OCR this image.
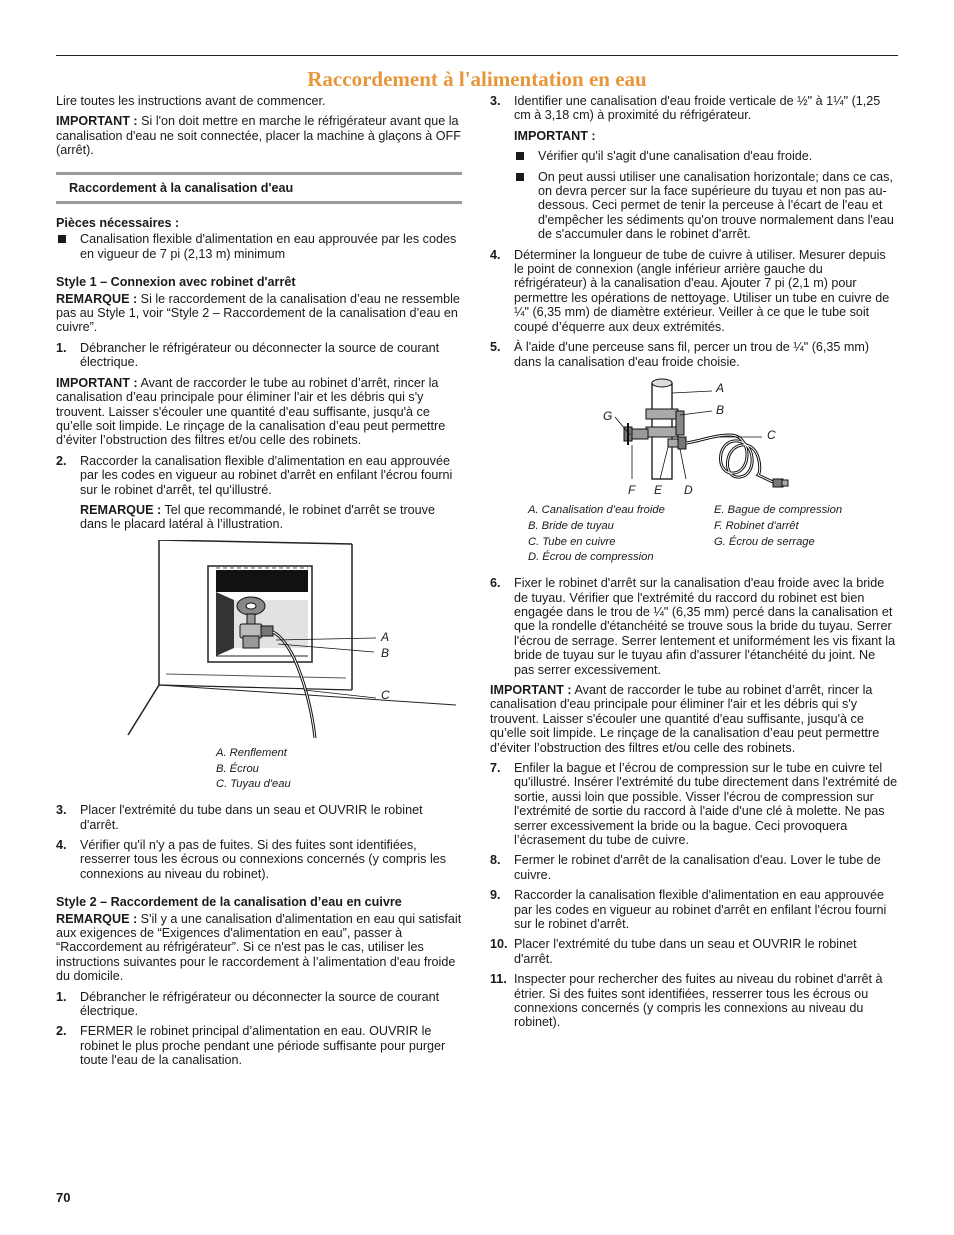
Raccordement à l'alimentation en eau

Lire toutes les instructions avant de commencer.

IMPORTANT : Si l'on doit mettre en marche le réfrigérateur avant que la canalisation d'eau ne soit connectée, placer la machine à glaçons à OFF (arrêt).

Raccordement à la canalisation d'eau
Pièces nécessaires :
Canalisation flexible d'alimentation en eau approuvée par les codes en vigueur de 7 pi (2,13 m) minimum
Style 1 – Connexion avec robinet d'arrêt

REMARQUE : Si le raccordement de la canalisation d’eau ne ressemble pas au Style 1, voir “Style 2 – Raccordement de la canalisation d’eau en cuivre”.

1. Débrancher le réfrigérateur ou déconnecter la source de courant électrique.

IMPORTANT : Avant de raccorder le tube au robinet d’arrêt, rincer la canalisation d’eau principale pour éliminer l'air et les débris qui s'y trouvent. Laisser s'écouler une quantité d'eau suffisante, jusqu'à ce qu’elle soit limpide. Le rinçage de la canalisation d’eau peut permettre d’éviter l’obstruction des filtres et/ou celle des robinets.

2. Raccorder la canalisation flexible d'alimentation en eau approuvée par les codes en vigueur au robinet d'arrêt en enfilant l'écrou fourni sur le robinet d'arrêt, tel qu'illustré.

REMARQUE : Tel que recommandé, le robinet d'arrêt se trouve dans le placard latéral à l’illustration.

A
B
C
A. Renflement
B. Écrou
C. Tuyau d'eau
3. Placer l'extrémité du tube dans un seau et OUVRIR le robinet d'arrêt.
4. Vérifier qu'il n'y a pas de fuites. Si des fuites sont identifiées, resserrer tous les écrous ou connexions concernés (y compris les connexions au niveau du robinet).
Style 2 – Raccordement de la canalisation d’eau en cuivre

REMARQUE : S'il y a une canalisation d'alimentation en eau qui satisfait aux exigences de “Exigences d'alimentation en eau”, passer à “Raccordement au réfrigérateur”. Si ce n'est pas le cas, utiliser les instructions suivantes pour le raccordement à l’alimentation d'eau froide du domicile.

1. Débrancher le réfrigérateur ou déconnecter la source de courant électrique.
2. FERMER le robinet principal d’alimentation en eau. OUVRIR le robinet le plus proche pendant une période suffisante pour purger toute l'eau de la canalisation.
3. Identifier une canalisation d'eau froide verticale de ½" à 1¼" (1,25 cm à 3,18 cm) à proximité du réfrigérateur.

IMPORTANT :

Vérifier qu'il s'agit d'une canalisation d'eau froide.
On peut aussi utiliser une canalisation horizontale; dans ce cas, on devra percer sur la face supérieure du tuyau et non pas au-dessous. Ceci permet de tenir la perceuse à l'écart de l'eau et d'empêcher les sédiments qu'on trouve normalement dans l'eau de s'accumuler dans le robinet d'arrêt.
4. Déterminer la longueur de tube de cuivre à utiliser. Mesurer depuis le point de connexion (angle inférieur arrière gauche du réfrigérateur) à la canalisation d'eau. Ajouter 7 pi (2,1 m) pour permettre les opérations de nettoyage. Utiliser un tube en cuivre de ¼" (6,35 mm) de diamètre extérieur. Veiller à ce que le tube soit coupé d’équerre aux deux extrémités.
5. À l'aide d'une perceuse sans fil, percer un trou de ¼" (6,35 mm) dans la canalisation d'eau froide choisie.
A
B
C
D
E
F
G
A. Canalisation d’eau froide
B. Bride de tuyau
C. Tube en cuivre
D. Écrou de compression
E. Bague de compression
F. Robinet d'arrêt
G. Écrou de serrage
6. Fixer le robinet d'arrêt sur la canalisation d'eau froide avec la bride de tuyau. Vérifier que l'extrémité du raccord du robinet est bien engagée dans le trou de ¼" (6,35 mm) percé dans la canalisation et que la rondelle d'étanchéité se trouve sous la bride du tuyau. Serrer l'écrou de serrage. Serrer lentement et uniformément les vis fixant la bride de tuyau sur le tuyau afin d'assurer l'étanchéité du joint. Ne pas serrer excessivement.

IMPORTANT : Avant de raccorder le tube au robinet d’arrêt, rincer la canalisation d'eau principale pour éliminer l'air et les débris qui s'y trouvent. Laisser s'écouler une quantité d'eau suffisante, jusqu'à ce qu’elle soit limpide. Le rinçage de la canalisation d’eau peut permettre d’éviter l’obstruction des filtres et/ou celle des robinets.

7. Enfiler la bague et l’écrou de compression sur le tube en cuivre tel qu'illustré. Insérer l'extrémité du tube directement dans l'extrémité de sortie, aussi loin que possible. Visser l'écrou de compression sur l'extrémité de sortie du raccord à l'aide d'une clé à molette. Ne pas serrer excessivement la bride ou la bague. Ceci provoquera l’écrasement du tube de cuivre.
8. Fermer le robinet d'arrêt de la canalisation d'eau. Lover le tube de cuivre.
9. Raccorder la canalisation flexible d'alimentation en eau approuvée par les codes en vigueur au robinet d'arrêt en enfilant l'écrou fourni sur le robinet d'arrêt.
10. Placer l'extrémité du tube dans un seau et OUVRIR le robinet d'arrêt.
11. Inspecter pour rechercher des fuites au niveau du robinet d'arrêt à étrier. Si des fuites sont identifiées, resserrer tous les écrous ou connexions concernés (y compris les connexions au niveau du robinet).
70
